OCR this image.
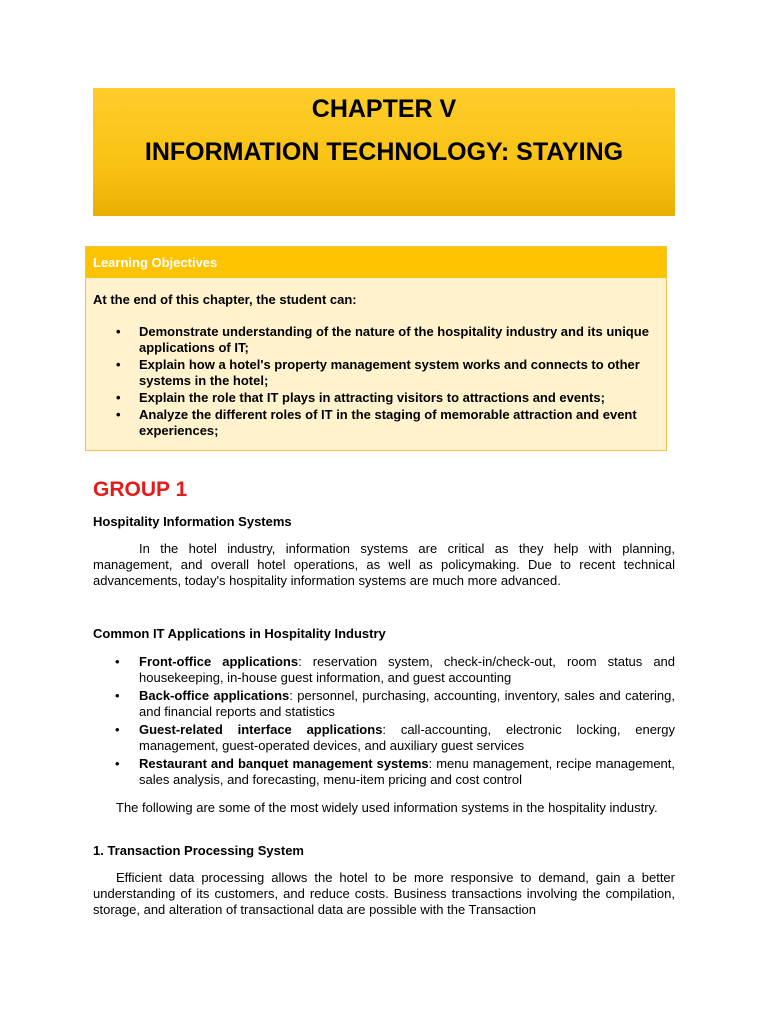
CHAPTER V
INFORMATION TECHNOLOGY: STAYING
Learning Objectives
At the end of this chapter, the student can:
• Demonstrate understanding of the nature of the hospitality industry and its unique applications of IT;
• Explain how a hotel's property management system works and connects to other systems in the hotel;
• Explain the role that IT plays in attracting visitors to attractions and events;
• Analyze the different roles of IT in the staging of memorable attraction and event experiences;
GROUP 1
Hospitality Information Systems

In the hotel industry, information systems are critical as they help with planning, management, and overall hotel operations, as well as policymaking. Due to recent technical advancements, today's hospitality information systems are much more advanced.

Common IT Applications in Hospitality Industry
• Front-office applications: reservation system, check-in/check-out, room status and housekeeping, in-house guest information, and guest accounting
• Back-office applications: personnel, purchasing, accounting, inventory, sales and catering, and financial reports and statistics
• Guest-related interface applications: call-accounting, electronic locking, energy management, guest-operated devices, and auxiliary guest services
• Restaurant and banquet management systems: menu management, recipe management, sales analysis, and forecasting, menu-item pricing and cost control

The following are some of the most widely used information systems in the hospitality industry.

1. Transaction Processing System

Efficient data processing allows the hotel to be more responsive to demand, gain a better understanding of its customers, and reduce costs. Business transactions involving the compilation, storage, and alteration of transactional data are possible with the Transaction
